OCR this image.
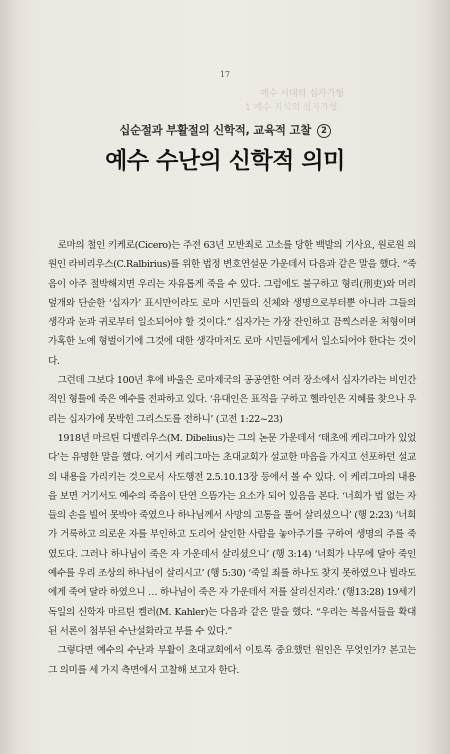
17
예수 시대의 십자가형
1 예수 지식의 십자가형
십순절과 부활절의 신학적, 교육적 고찰 2
예수 수난의 신학적 의미

로마의 철인 키케로(Cicero)는 주전 63년 모반죄로 고소를 당한 백발의 기사요, 원로원 의원인 라비리우스(C.Ralbirius)를 위한 법정 변호연설문 가운데서 다음과 같은 말을 했다. “죽음이 아주 절박해지면 우리는 자유롭게 죽을 수 있다. 그럼에도 불구하고 형리(刑吏)와 머리덮개와 단순한 ‘십자가’ 표시만이라도 로마 시민들의 신체와 생명으로부터뿐 아니라 그들의 생각과 눈과 귀로부터 일소되어야 할 것이다.” 십자가는 가장 잔인하고 끔찍스러운 처형이며 가혹한 노예 형벌이기에 그것에 대한 생각마저도 로마 시민들에게서 일소되어야 한다는 것이다.

그런데 그보다 100년 후에 바울은 로마제국의 공공연한 여러 장소에서 십자가라는 비인간적인 형틀에 죽은 예수를 전파하고 있다. ‘유대인은 표적을 구하고 헬라인은 지혜를 찾으나 우리는 십자가에 못박힌 그리스도를 전하니’ (고전 1:22~23)

1918년 마르틴 디벨리우스(M. Dibelius)는 그의 논문 가운데서 ‘태초에 케리그마가 있었다’는 유명한 말을 했다. 여기서 케리그마는 초대교회가 설교한 마음을 가지고 선포하던 설교의 내용을 가리키는 것으로서 사도행전 2.5.10.13장 등에서 볼 수 있다. 이 케리그마의 내용을 보면 거기서도 예수의 죽음이 단연 으뜸가는 요소가 되어 있음을 본다. ‘너희가 법 없는 자들의 손을 빌어 못박아 죽였으나 하나님께서 사망의 고통을 풀어 살리셨으니’ (행 2:23) ‘너희가 거룩하고 의로운 자를 부인하고 도리어 살인한 사람을 놓아주기를 구하여 생명의 주를 죽였도다. 그러나 하나님이 죽은 자 가운데서 살리셨으니’ (행 3:14) ‘너희가 나무에 달아 죽인 예수를 우리 조상의 하나님이 살리시고’ (행 5:30) ‘죽일 죄를 하나도 찾지 못하였으나 빌라도에게 죽여 달라 하였으니 … 하나님이 죽은 자 가운데서 저를 살리신지라.’ (행13:28) 19세기 독일의 신학자 마르틴 켈러(M. Kahler)는 다음과 같은 말을 했다. “우리는 복음서들을 확대된 서론이 첨부된 수난설화라고 부를 수 있다.”

그렇다면 예수의 수난과 부활이 초대교회에서 이토록 중요했던 원인은 무엇인가? 본고는 그 의미를 세 가지 측면에서 고찰해 보고자 한다.
